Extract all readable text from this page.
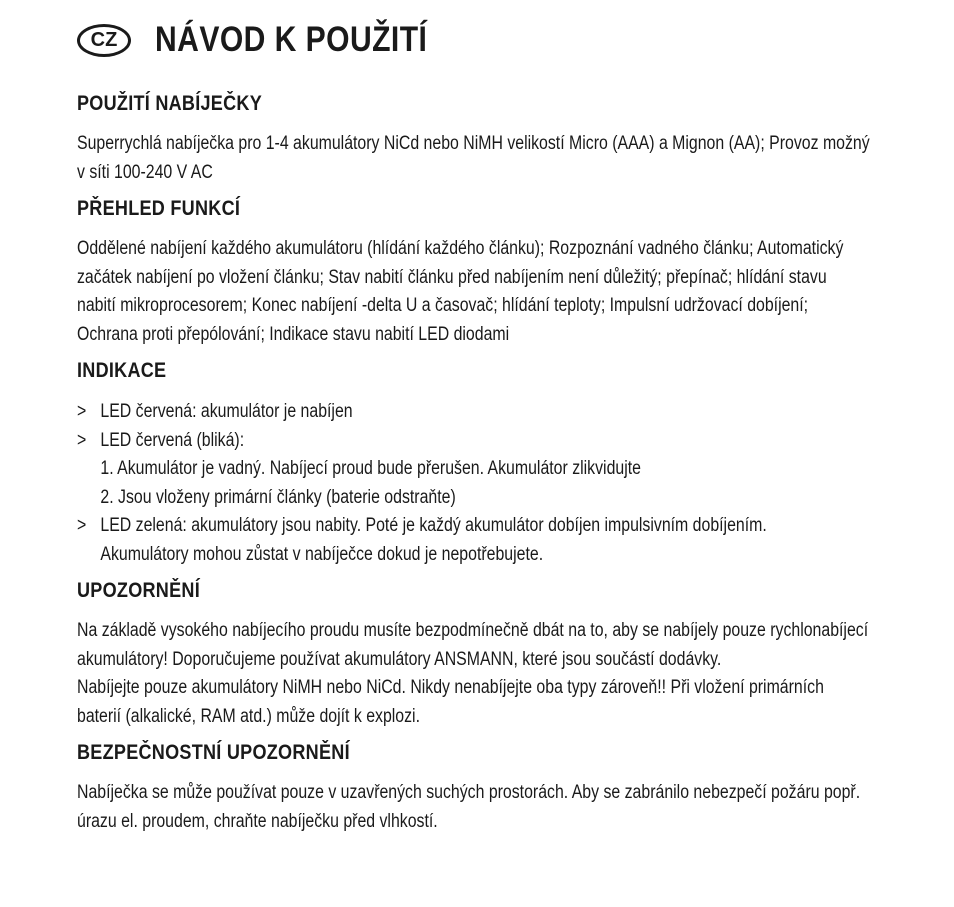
CZ NÁVOD K POUŽITÍ
POUŽITÍ NABÍJEČKY
Superrychlá nabíječka pro 1-4 akumulátory NiCd nebo NiMH velikostí Micro (AAA) a Mignon (AA); Provoz možný
v síti 100-240 V AC
PŘEHLED FUNKCÍ
Oddělené nabíjení každého akumulátoru (hlídání každého článku); Rozpoznání vadného článku; Automatický
začátek nabíjení po vložení článku; Stav nabití článku před nabíjením není důležitý; přepínač; hlídání stavu
nabití mikroprocesorem; Konec nabíjení -delta U a časovač; hlídání teploty; Impulsní udržovací dobíjení;
Ochrana proti přepólování; Indikace stavu nabití LED diodami
INDIKACE
> LED červená: akumulátor je nabíjen
> LED červená (bliká):
1. Akumulátor je vadný. Nabíjecí proud bude přerušen. Akumulátor zlikvidujte
2. Jsou vloženy primární články (baterie odstraňte)
> LED zelená: akumulátory jsou nabity. Poté je každý akumulátor dobíjen impulsivním dobíjením.
Akumulátory mohou zůstat v nabíječce dokud je nepotřebujete.
UPOZORNĚNÍ
Na základě vysokého nabíjecího proudu musíte bezpodmínečně dbát na to, aby se nabíjely pouze rychlonabíjecí
akumulátory! Doporučujeme používat akumulátory ANSMANN, které jsou součástí dodávky.
Nabíjejte pouze akumulátory NiMH nebo NiCd. Nikdy nenabíjejte oba typy zároveň!! Při vložení primárních
baterií (alkalické, RAM atd.) může dojít k explozi.
BEZPEČNOSTNÍ UPOZORNĚNÍ
Nabíječka se může používat pouze v uzavřených suchých prostorách. Aby se zabránilo nebezpečí požáru popř.
úrazu el. proudem, chraňte nabíječku před vlhkostí.
